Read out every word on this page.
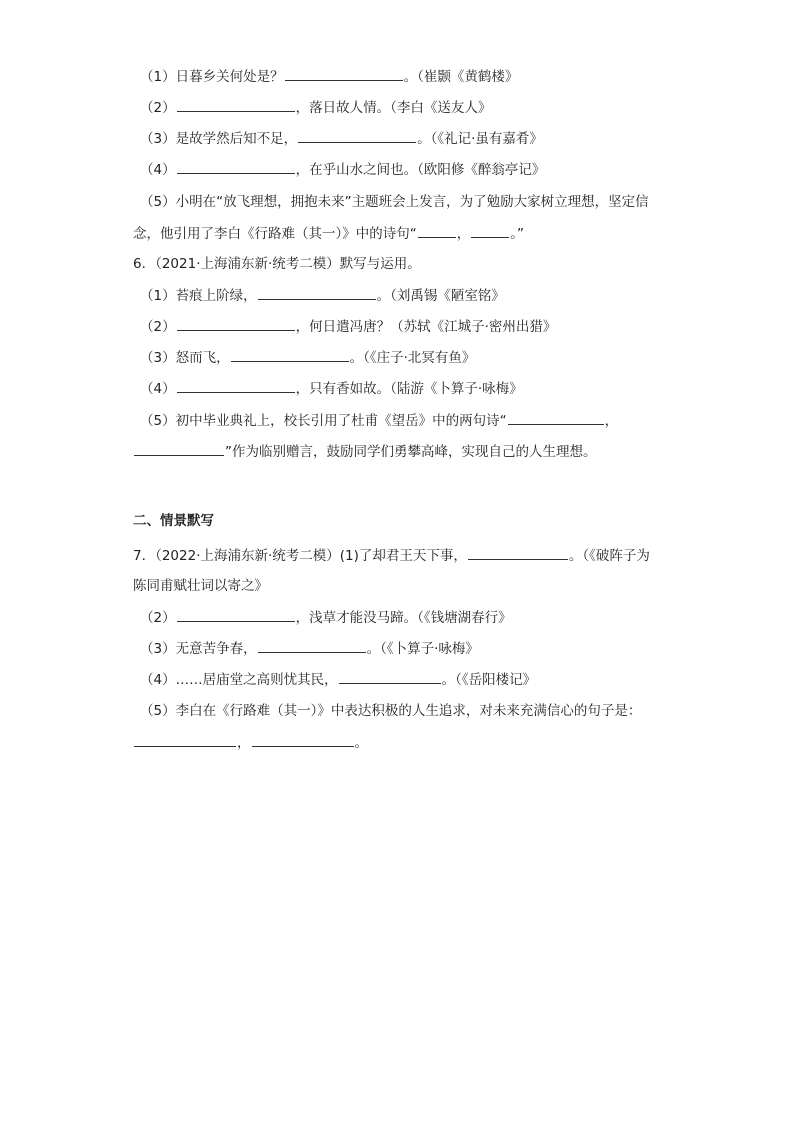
（1）日暮乡关何处是？	。（崔颢《黄鹤楼》
（2）	，落日故人情。（李白《送友人》
（3）是故学然后知不足，	。（《礼记·虽有嘉肴》
（4）	，在乎山水之间也。（欧阳修《醉翁亭记》
（5）小明在“放飞理想，拥抱未来”主题班会上发言，为了勉励大家树立理想，坚定信
念，他引用了李白《行路难（其一）》中的诗句“	，	。”
6．（2021·上海浦东新·统考二模）默写与运用。
（1）苔痕上阶绿，	。（刘禹锡《陋室铭》
（2）	，何日遣冯唐？（苏轼《江城子·密州出猎》
（3）怒而飞，	。（《庄子·北冥有鱼》
（4）	，只有香如故。（陆游《卜算子·咏梅》
（5）初中毕业典礼上，校长引用了杜甫《望岳》中的两句诗“	，
”作为临别赠言，鼓励同学们勇攀高峰，实现自己的人生理想。
二、情景默写
7．（2022·上海浦东新·统考二模）(1)了却君王天下事，	。（《破阵子为
陈同甫赋壮词以寄之》
（2）	，浅草才能没马蹄。（《钱塘湖春行》
（3）无意苦争春，	。（《卜算子·咏梅》
（4）……居庙堂之高则忧其民，	。（《岳阳楼记》
（5）李白在《行路难（其一）》中表达积极的人生追求，对未来充满信心的句子是：
，	。
